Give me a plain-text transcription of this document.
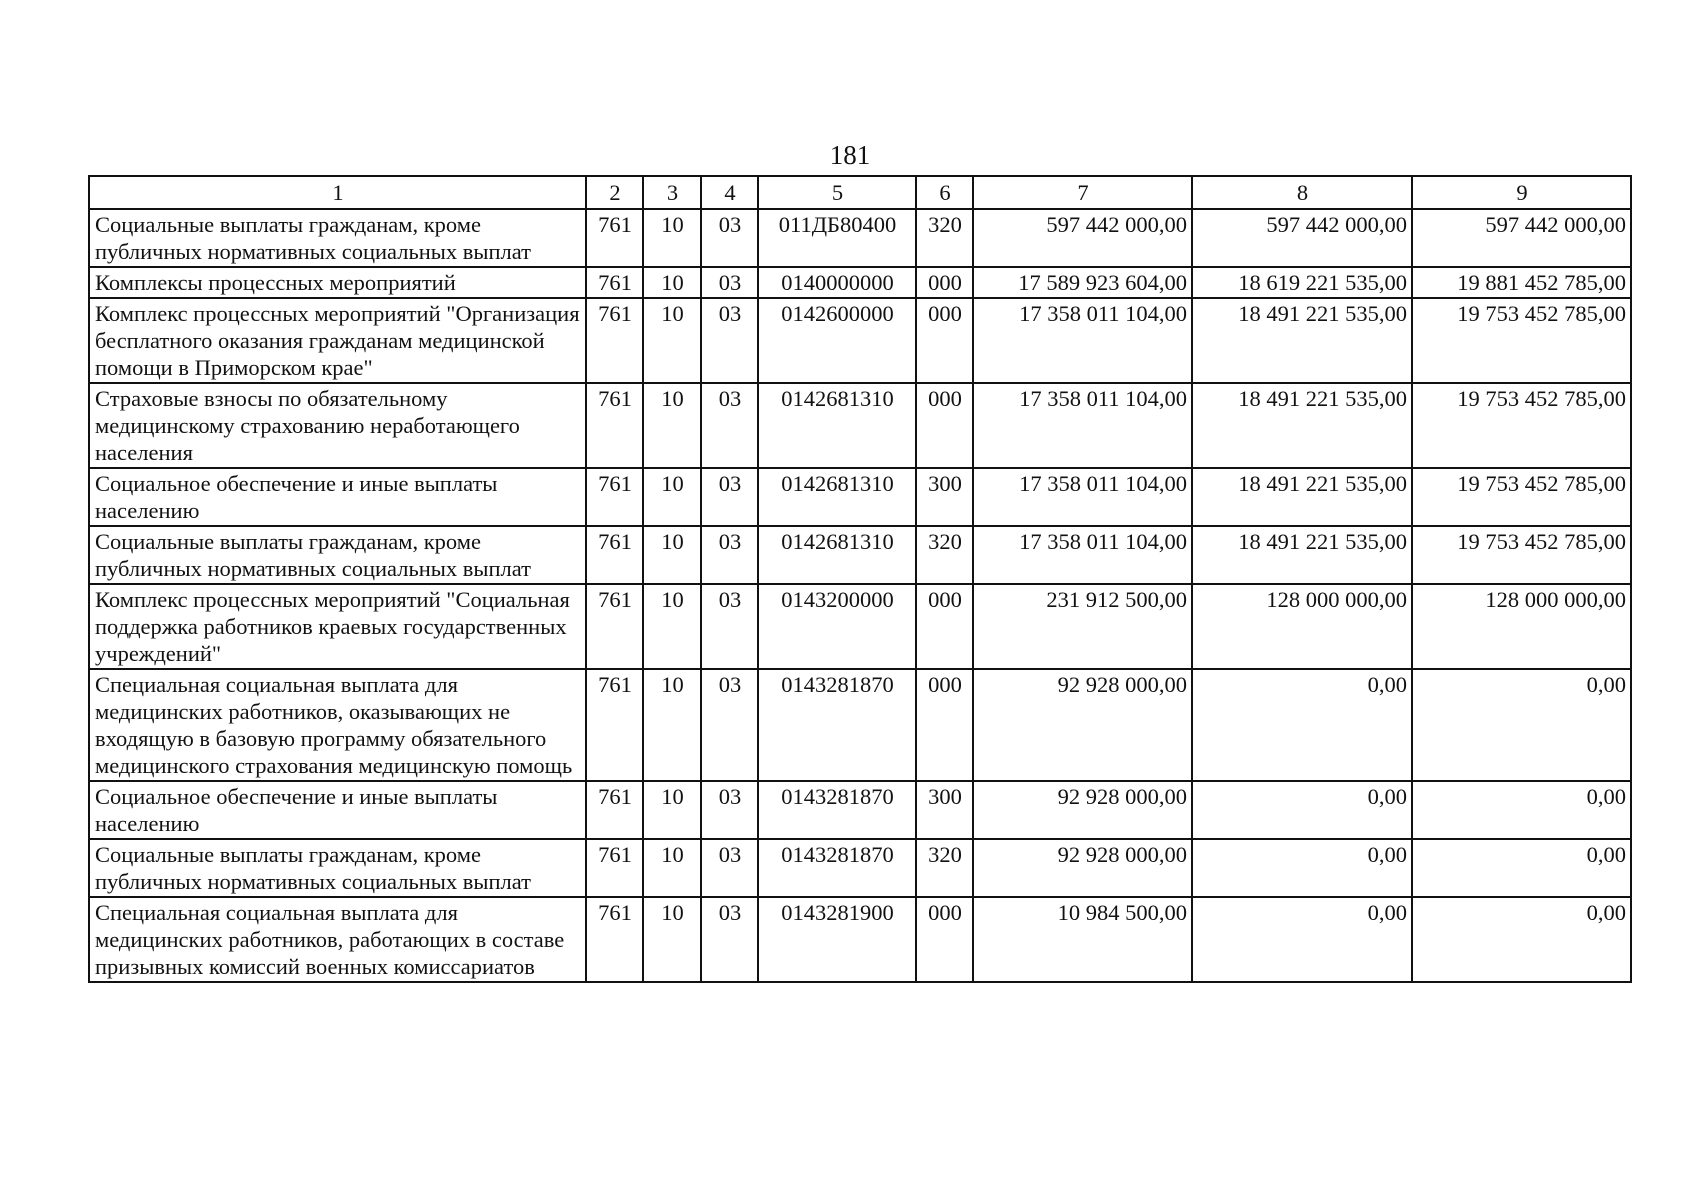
181
1	2	3	4	5	6	7	8	9
Социальные выплаты гражданам, кроме публичных нормативных социальных выплат	761	10	03	011ДБ80400	320	597 442 000,00	597 442 000,00	597 442 000,00
Комплексы процессных мероприятий	761	10	03	0140000000	000	17 589 923 604,00	18 619 221 535,00	19 881 452 785,00
Комплекс процессных мероприятий "Организация бесплатного оказания гражданам медицинской помощи в Приморском крае"	761	10	03	0142600000	000	17 358 011 104,00	18 491 221 535,00	19 753 452 785,00
Страховые взносы по обязательному медицинскому страхованию неработающего населения	761	10	03	0142681310	000	17 358 011 104,00	18 491 221 535,00	19 753 452 785,00
Социальное обеспечение и иные выплаты населению	761	10	03	0142681310	300	17 358 011 104,00	18 491 221 535,00	19 753 452 785,00
Социальные выплаты гражданам, кроме публичных нормативных социальных выплат	761	10	03	0142681310	320	17 358 011 104,00	18 491 221 535,00	19 753 452 785,00
Комплекс процессных мероприятий "Социальная поддержка работников краевых государственных учреждений"	761	10	03	0143200000	000	231 912 500,00	128 000 000,00	128 000 000,00
Специальная социальная выплата для медицинских работников, оказывающих не входящую в базовую программу обязательного медицинского страхования медицинскую помощь	761	10	03	0143281870	000	92 928 000,00	0,00	0,00
Социальное обеспечение и иные выплаты населению	761	10	03	0143281870	300	92 928 000,00	0,00	0,00
Социальные выплаты гражданам, кроме публичных нормативных социальных выплат	761	10	03	0143281870	320	92 928 000,00	0,00	0,00
Специальная социальная выплата для медицинских работников, работающих в составе призывных комиссий военных комиссариатов	761	10	03	0143281900	000	10 984 500,00	0,00	0,00
